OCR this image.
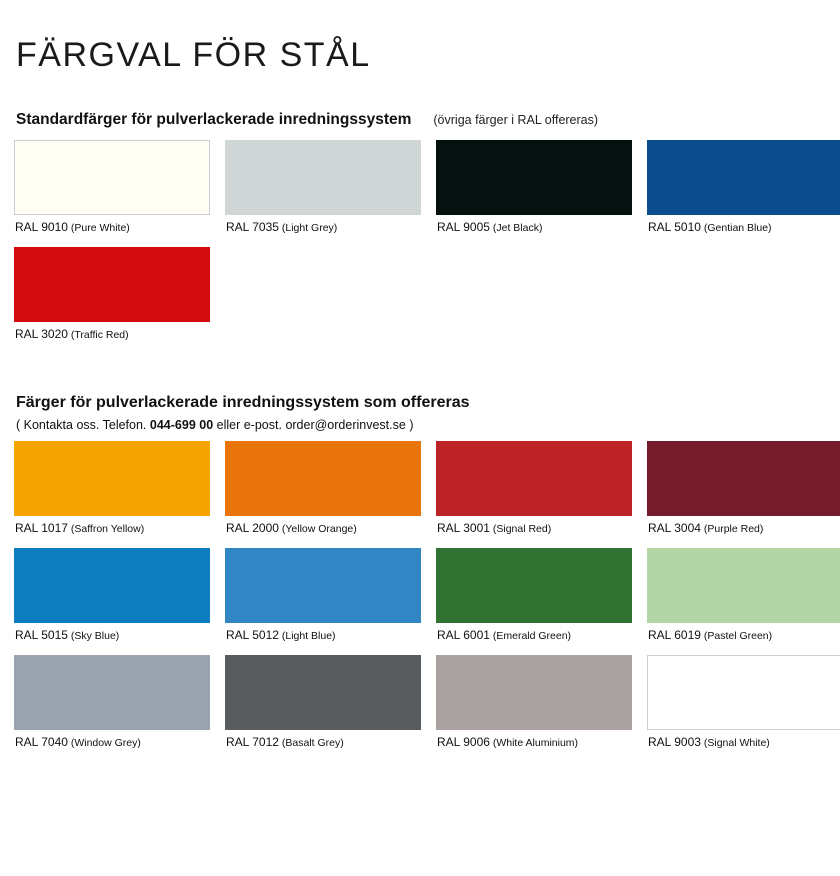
FÄRGVAL FÖR STÅL
Standardfärger för pulverlackerade inredningssystem (övriga färger i RAL offereras)
RAL 9010 (Pure White)	RAL 7035 (Light Grey)	RAL 9005 (Jet Black)	RAL 5010 (Gentian Blue)
RAL 3020 (Traffic Red)
Färger för pulverlackerade inredningssystem som offereras
( Kontakta oss. Telefon. 044-699 00 eller e-post. order@orderinvest.se )
RAL 1017 (Saffron Yellow)	RAL 2000 (Yellow Orange)	RAL 3001 (Signal Red)	RAL 3004 (Purple Red)
RAL 5015 (Sky Blue)	RAL 5012 (Light Blue)	RAL 6001 (Emerald Green)	RAL 6019 (Pastel Green)
RAL 7040 (Window Grey)	RAL 7012 (Basalt Grey)	RAL 9006 (White Aluminium)	RAL 9003 (Signal White)
